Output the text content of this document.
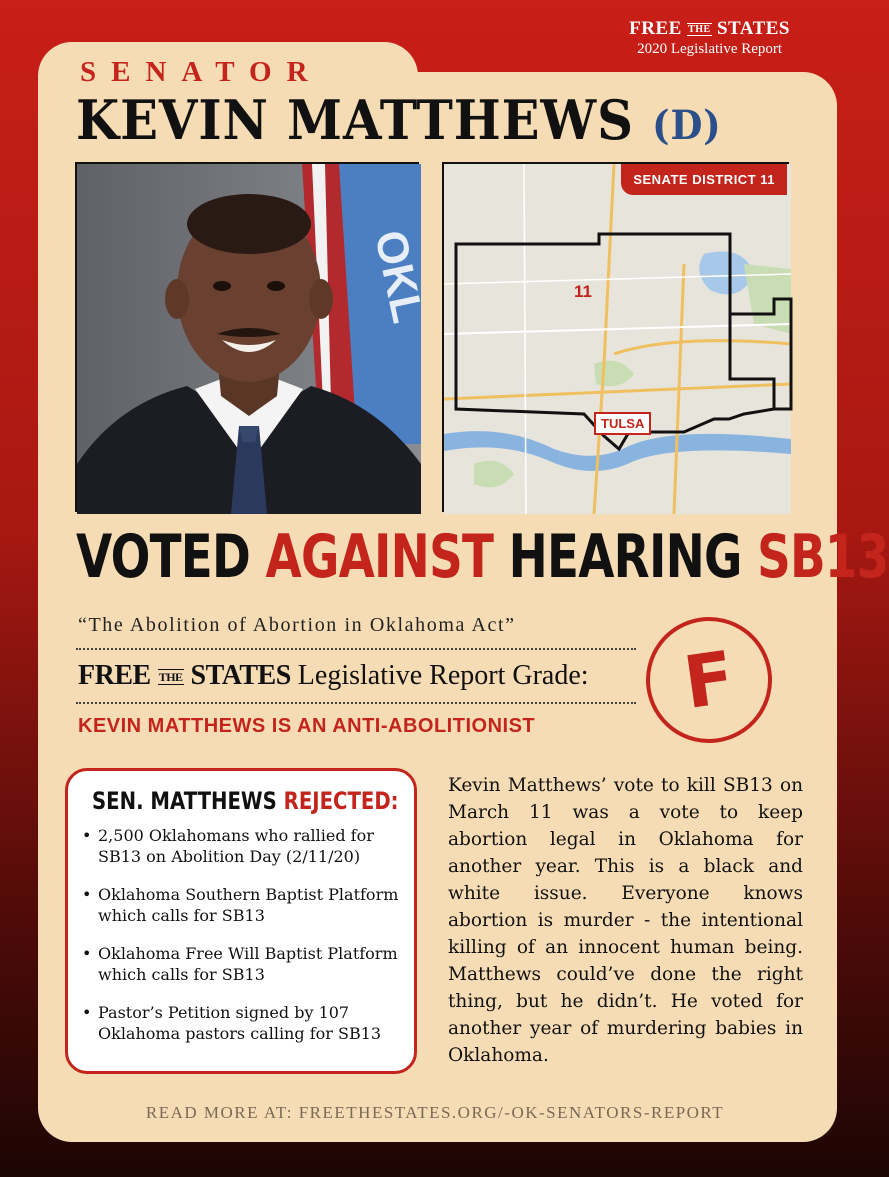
FREE THE STATES
2020 Legislative Report
SENATOR
KEVIN MATTHEWS (D)
OKL
SENATE DISTRICT 11
11
TULSA
VOTED AGAINST HEARING SB13
“The Abolition of Abortion in Oklahoma Act”
FREE THE STATES Legislative Report Grade:
KEVIN MATTHEWS IS AN ANTI-ABOLITIONIST
F
SEN. MATTHEWS REJECTED:
• 2,500 Oklahomans who rallied for SB13 on Abolition Day (2/11/20)
• Oklahoma Southern Baptist Platform which calls for SB13
• Oklahoma Free Will Baptist Platform which calls for SB13
• Pastor’s Petition signed by 107 Oklahoma pastors calling for SB13
Kevin Matthews’ vote to kill SB13 on March 11 was a vote to keep abortion legal in Oklahoma for another year. This is a black and white issue. Everyone knows abortion is murder - the intentional killing of an innocent human being. Matthews could’ve done the right thing, but he didn’t. He voted for another year of murdering babies in Oklahoma.
READ MORE AT: FREETHESTATES.ORG/-OK-SENATORS-REPORT
